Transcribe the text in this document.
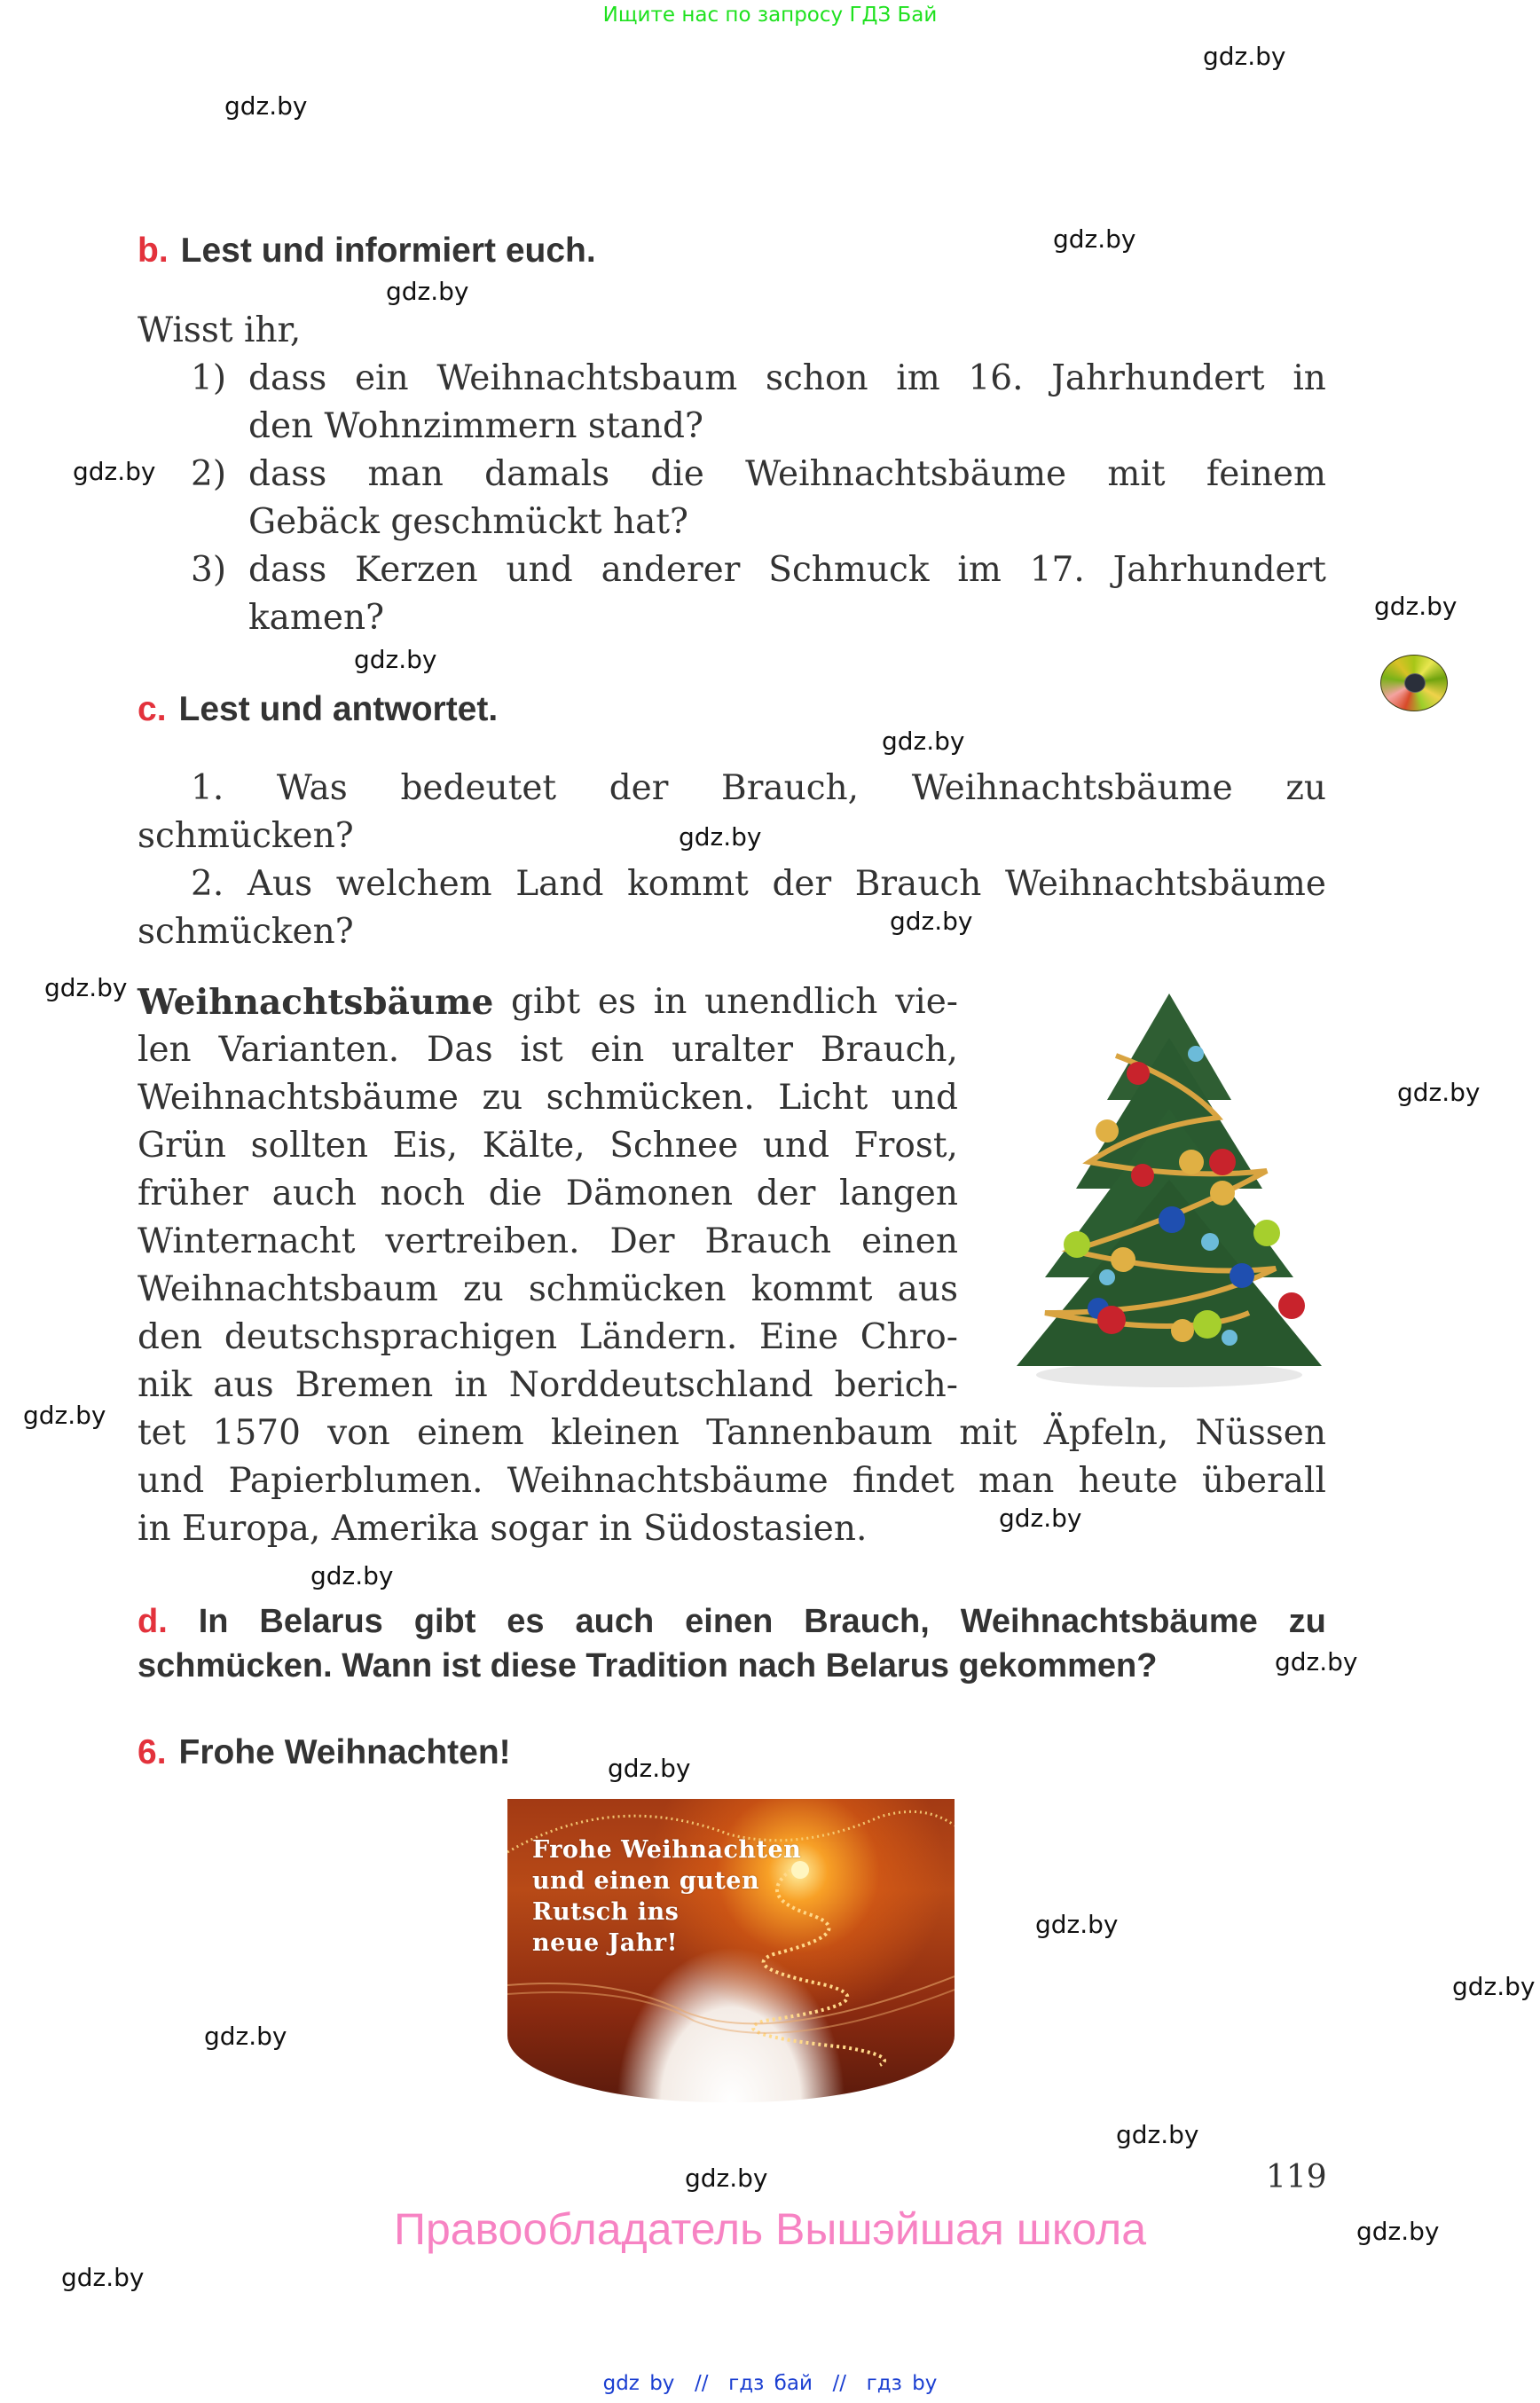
Ищите нас по запросу ГДЗ Бай
gdz.by
gdz.by
gdz.by
gdz.by
gdz.by
gdz.by
gdz.by
gdz.by
gdz.by
gdz.by
gdz.by
gdz.by
gdz.by
gdz.by
gdz.by
gdz.by
gdz.by
gdz.by
gdz.by
gdz.by
gdz.by
gdz.by
gdz.by
gdz.by
b. Lest und informiert euch.
Wisst ihr,
1) dass ein Weihnachtsbaum schon im 16. Jahrhundert in
den Wohnzimmern stand?
2) dass man damals die Weihnachtsbäume mit feinem
Gebäck geschmückt hat?
3) dass Kerzen und anderer Schmuck im 17. Jahrhundert
kamen?
c. Lest und antwortet.
1. Was bedeutet der Brauch, Weihnachtsbäume zu
schmücken?
2. Aus welchem Land kommt der Brauch Weihnachtsbäume
schmücken?
Weihnachtsbäume gibt es in unendlich vie-
len Varianten. Das ist ein uralter Brauch,
Weihnachtsbäume zu schmücken. Licht und
Grün sollten Eis, Kälte, Schnee und Frost,
früher auch noch die Dämonen der langen
Winternacht vertreiben. Der Brauch einen
Weihnachtsbaum zu schmücken kommt aus
den deutschsprachigen Ländern. Eine Chro-
nik aus Bremen in Norddeutschland berich-
tet 1570 von einem kleinen Tannenbaum mit Äpfeln, Nüssen
und Papierblumen. Weihnachtsbäume findet man heute überall
in Europa, Amerika sogar in Südostasien.
d. In Belarus gibt es auch einen Brauch, Weihnachtsbäume zu
schmücken. Wann ist diese Tradition nach Belarus gekommen?
6. Frohe Weihnachten!
Frohe Weihnachten
und einen guten
Rutsch ins
neue Jahr!
119
Правообладатель Вышэйшая школа
gdz by  //  гдз бай  //  гдз by
